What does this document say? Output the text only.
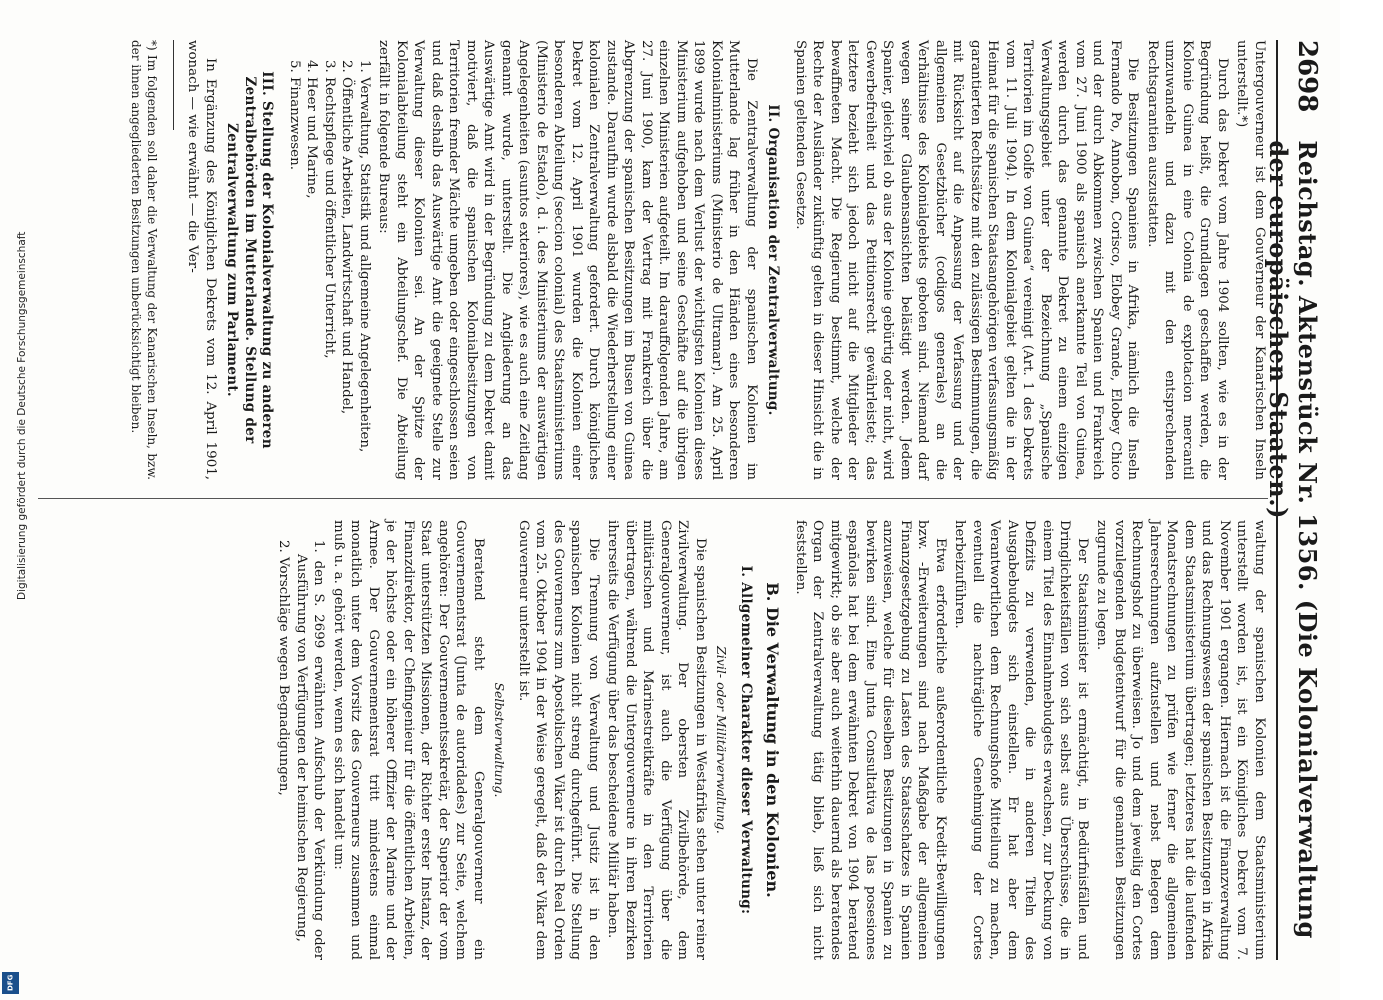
2698
Reichstag. Aktenstück Nr. 1356. (Die Kolonialverwaltung der europäischen Staaten.)

Untergouverneur ist dem Gouverneur der Kanarischen Inseln unterstellt.*)

Durch das Dekret vom Jahre 1904 sollten, wie es in der Begründung heißt, die Grundlagen geschaffen werden, die Kolonie Guinea in eine Colonia de explotacion mercantil umzuwandeln und dazu mit den entsprechenden Rechtsgarantien auszustatten.

Die Besitzungen Spaniens in Afrika, nämlich die Inseln Fernando Po, Annobon, Corisco, Elobey Grande, Elobey Chico und der durch Abkommen zwischen Spanien und Frankreich vom 27. Juni 1900 als spanisch anerkannte Teil von Guinea, werden durch das genannte Dekret zu einem einzigen Verwaltungsgebiet unter der Bezeichnung „Spanische Territorien im Golfe von Guinea“ vereinigt (Art. 1 des Dekrets vom 11. Juli 1904). In dem Kolonialgebiet gelten die in der Heimat für die spanischen Staatsangehörigen verfassungsmäßig garantierten Rechtssätze mit den zulässigen Bestimmungen, die mit Rücksicht auf die Anpassung der Verfassung und der allgemeinen Gesetzbücher (codigos generales) an die Verhältnisse des Kolonialgebiets geboten sind. Niemand darf wegen seiner Glaubensansichten belästigt werden. Jedem Spanier, gleichviel ob aus der Kolonie gebürtig oder nicht, wird Gewerbefreiheit und das Petitionsrecht gewährleistet; das letztere bezieht sich jedoch nicht auf die Mitglieder der bewaffneten Macht. Die Regierung bestimmt, welche der Rechte der Ausländer zukünftig gelten in dieser Hinsicht die in Spanien geltenden Gesetze.

II. Organisation der Zentralverwaltung.

Die Zentralverwaltung der spanischen Kolonien im Mutterlande lag früher in den Händen eines besonderen Kolonialministeriums (Ministerio de Ultramar). Am 25. April 1899 wurde nach dem Verlust der wichtigsten Kolonien dieses Ministerium aufgehoben und seine Geschäfte auf die übrigen einzelnen Ministerien aufgeteilt. Im darauffolgenden Jahre, am 27. Juni 1900, kam der Vertrag mit Frankreich über die Abgrenzung der spanischen Besitzungen im Busen von Guinea zustande. Daraufhin wurde alsbald die Wiederherstellung einer kolonialen Zentralverwaltung gefordert. Durch königliches Dekret vom 12. April 1901 wurden die Kolonien einer besonderen Abteilung (seccion colonial) des Staatsministeriums (Ministerio de Estado), d. i. des Ministeriums der auswärtigen Angelegenheiten (asuntos exteriores), wie es auch eine Zeitlang genannt wurde, unterstellt. Die Angliederung an das Auswärtige Amt wird in der Begründung zu dem Dekret damit motiviert, daß die spanischen Kolonialbesitzungen von Territorien fremder Mächte umgeben oder eingeschlossen seien und daß deshalb das Auswärtige Amt die geeignete Stelle zur Verwaltung dieser Kolonien sei. An der Spitze der Kolonialabteilung steht ein Abteilungschef. Die Abteilung zerfällt in folgende Bureaus:

1. Verwaltung, Statistik und allgemeine Angelegenheiten,
2. Öffentliche Arbeiten, Landwirtschaft und Handel,
3. Rechtspflege und öffentlicher Unterricht,
4. Heer und Marine,
5. Finanzwesen.
III. Stellung der Kolonialverwaltung zu anderen Zentralbehörden im Mutterlande. Stellung der Zentralverwaltung zum Parlament.

In Ergänzung des Königlichen Dekrets vom 12. April 1901, wonach — wie erwähnt — die Ver-

*) Im folgenden soll daher die Verwaltung der Kanarischen Inseln, bzw. der ihnen angegliederten Besitzungen unberücksichtigt bleiben.

waltung der spanischen Kolonien dem Staatsministerium unterstellt worden ist, ist ein Königliches Dekret vom 7. November 1901 ergangen. Hiernach ist die Finanzverwaltung und das Rechnungswesen der spanischen Besitzungen in Afrika dem Staatsministerium übertragen; letzteres hat die laufenden Monatsrechnungen zu prüfen wie ferner die allgemeinen Jahresrechnungen aufzustellen und nebst Belegen dem Rechnungshof zu überweisen. Jo und dem jeweilig den Cortes vorzulegenden Budgetentwurf für die genannten Besitzungen zugrunde zu legen.

Der Staatsminister ist ermächtigt, in Bedürfnisfällen und Dringlichkeitsfällen von sich selbst aus Überschüsse, die in einem Titel des Einnahmebudgets erwachsen, zur Deckung von Defizits zu verwenden, die in anderen Titeln des Ausgabebudgets sich einstellen. Er hat aber dem Verantwortlichen dem Rechnungshofe Mitteilung zu machen, eventuell die nachträgliche Genehmigung der Cortes herbeizuführen.

Etwa erforderliche außerordentliche Kredit-Bewilligungen bzw. -Erweiterungen sind nach Maßgabe der allgemeinen Finanzgesetzgebung zu Lasten des Staatsschatzes in Spanien anzuweisen, welche für dieselben Besitzungen in Spanien zu bewirken sind. Eine Junta Consultativa de las posesiones españolas hat bei dem erwähnten Dekret von 1904 beratend mitgewirkt; ob sie aber auch weiterhin dauernd als beratendes Organ der Zentralverwaltung tätig blieb, ließ sich nicht feststellen.

B. Die Verwaltung in den Kolonien.
I. Allgemeiner Charakter dieser Verwaltung:
Zivil- oder Militärverwaltung.

Die spanischen Besitzungen in Westafrika stehen unter reiner Zivilverwaltung. Der obersten Zivilbehörde, dem Generalgouverneur, ist auch die Verfügung über die militärischen und Marinestreitkräfte in den Territorien übertragen, während die Untergouverneure in ihren Bezirken ihrerseits die Verfügung über das bescheidene Militär haben.

Die Trennung von Verwaltung und Justiz ist in den spanischen Kolonien nicht streng durchgeführt. Die Stellung des Gouverneurs zum Apostolischen Vikar ist durch Real Orden vom 25. Oktober 1904 in der Weise geregelt, daß der Vikar dem Gouverneur unterstellt ist.

Selbstverwaltung.

Beratend steht dem Generalgouverneur ein Gouvernementsrat (Junta de autoridades) zur Seite, welchem angehören: Der Gouvernementssekretär, der Superior der vom Staat unterstützten Missionen, der Richter erster Instanz, der Finanzdirektor, der Chefingenieur für die öffentlichen Arbeiten, je der höchste oder ein höherer Offizier der Marine und der Armee. Der Gouvernementsrat tritt mindestens einmal monatlich unter dem Vorsitz des Gouverneurs zusammen und muß u. a. gehört werden, wenn es sich handelt um:

1. den S. 2699 erwähnten Aufschub der Verkündung oder Ausführung von Verfügungen der heimischen Regierung,
2. Vorschläge wegen Begnadigungen,
Digitalisierung gefördert durch die Deutsche Forschungsgemeinschaft
DFG
